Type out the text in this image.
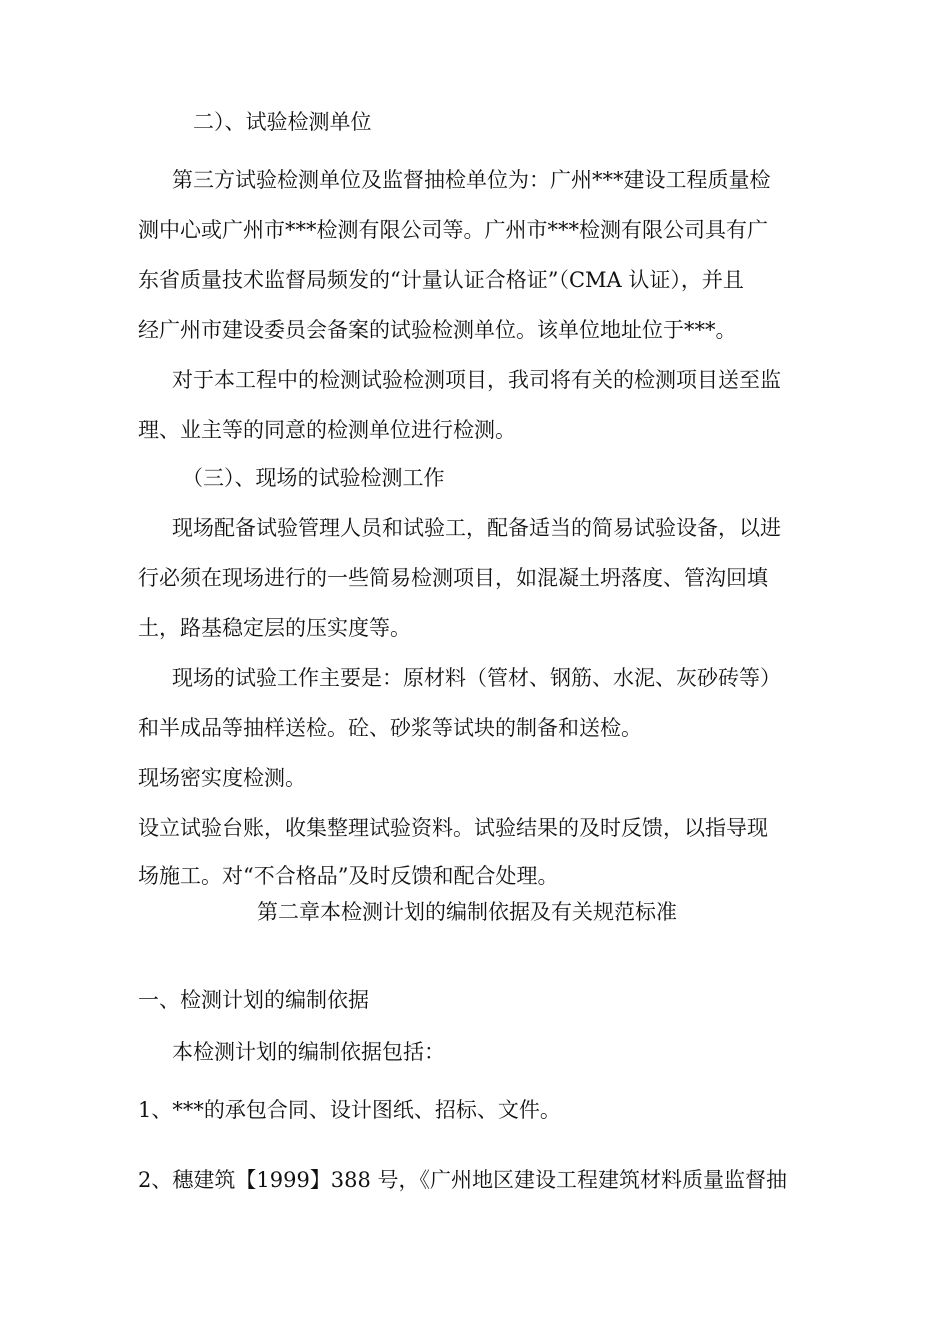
二）、试验检测单位
第三方试验检测单位及监督抽检单位为：广州***建设工程质量检
测中心或广州市***检测有限公司等。广州市***检测有限公司具有广
东省质量技术监督局频发的“计量认证合格证”（CMA 认证），并且
经广州市建设委员会备案的试验检测单位。该单位地址位于***。
对于本工程中的检测试验检测项目，我司将有关的检测项目送至监
理、业主等的同意的检测单位进行检测。
（三）、现场的试验检测工作
现场配备试验管理人员和试验工，配备适当的简易试验设备，以进
行必须在现场进行的一些简易检测项目，如混凝土坍落度、管沟回填
土，路基稳定层的压实度等。
现场的试验工作主要是：原材料（管材、钢筋、水泥、灰砂砖等）
和半成品等抽样送检。砼、砂浆等试块的制备和送检。
现场密实度检测。
设立试验台账，收集整理试验资料。试验结果的及时反馈，以指导现
场施工。对“不合格品”及时反馈和配合处理。
第二章本检测计划的编制依据及有关规范标准
一、检测计划的编制依据
本检测计划的编制依据包括：
1、***的承包合同、设计图纸、招标、文件。
2、穗建筑【1999】388 号，《广州地区建设工程建筑材料质量监督抽
